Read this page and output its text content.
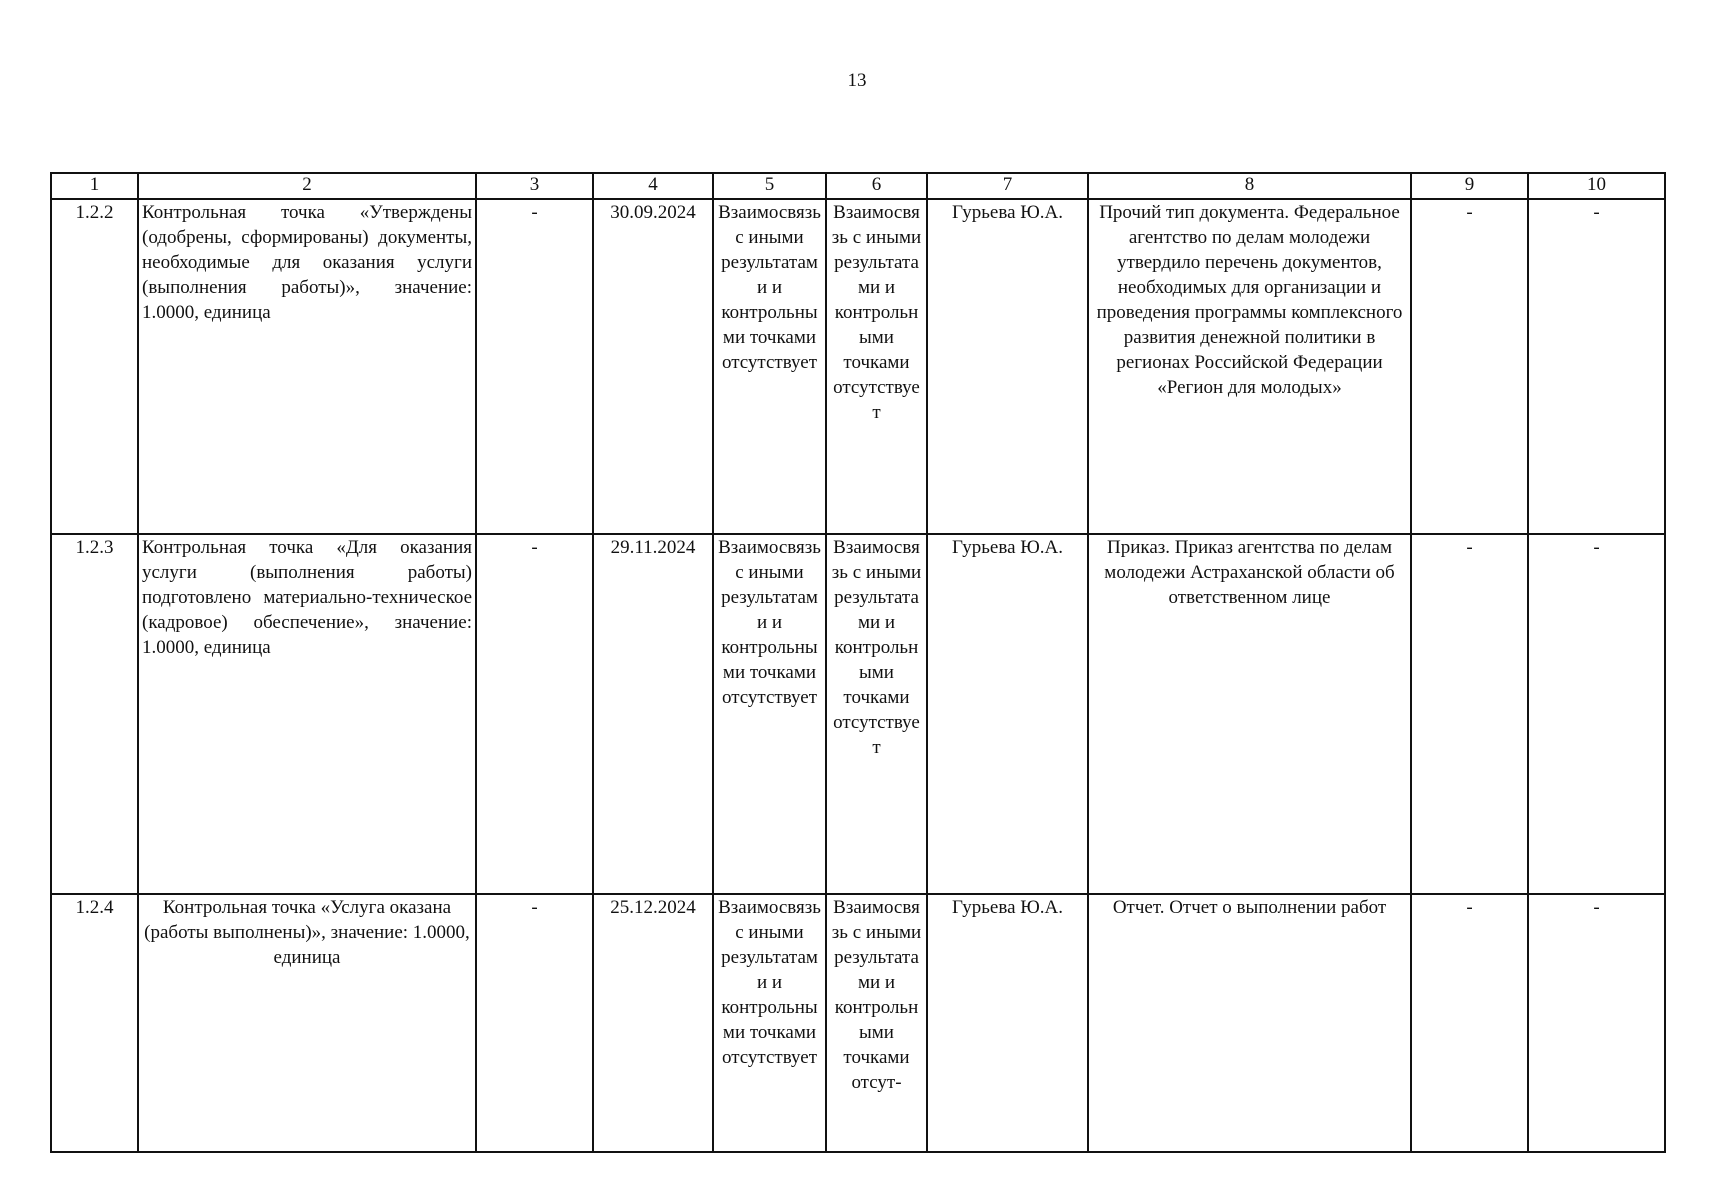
13
1	2	3	4	5	6	7	8	9	10
1.2.2	Контрольная точка «Утверждены (одобрены, сформированы) документы, необходимые для оказания услуги (выполнения работы)», значение: 1.0000, единица	-	30.09.2024	Взаимосвязь с иными результатами и контрольными точками отсутствует	Взаимосвязь с иными результатами и контрольными точками отсутствует	Гурьева Ю.А.	Прочий тип документа. Федеральное агентство по делам молодежи утвердило перечень документов, необходимых для организации и проведения программы комплексного развития денежной политики в регионах Российской Федерации «Регион для молодых»	-	-
1.2.3	Контрольная точка «Для оказания услуги (выполнения работы) подготовлено материально-техническое (кадровое) обеспечение», значение: 1.0000, единица	-	29.11.2024	Взаимосвязь с иными результатами и контрольными точками отсутствует	Взаимосвязь с иными результатами и контрольными точками отсутствует	Гурьева Ю.А.	Приказ. Приказ агентства по делам молодежи Астраханской области об ответственном лице	-	-
1.2.4	Контрольная точка «Услуга оказана (работы выполнены)», значение: 1.0000, единица	-	25.12.2024	Взаимосвязь с иными результатами и контрольными точками отсутствует	Взаимосвязь с иными результатами и контрольными точками отсут-	Гурьева Ю.А.	Отчет. Отчет о выполнении работ	-	-
